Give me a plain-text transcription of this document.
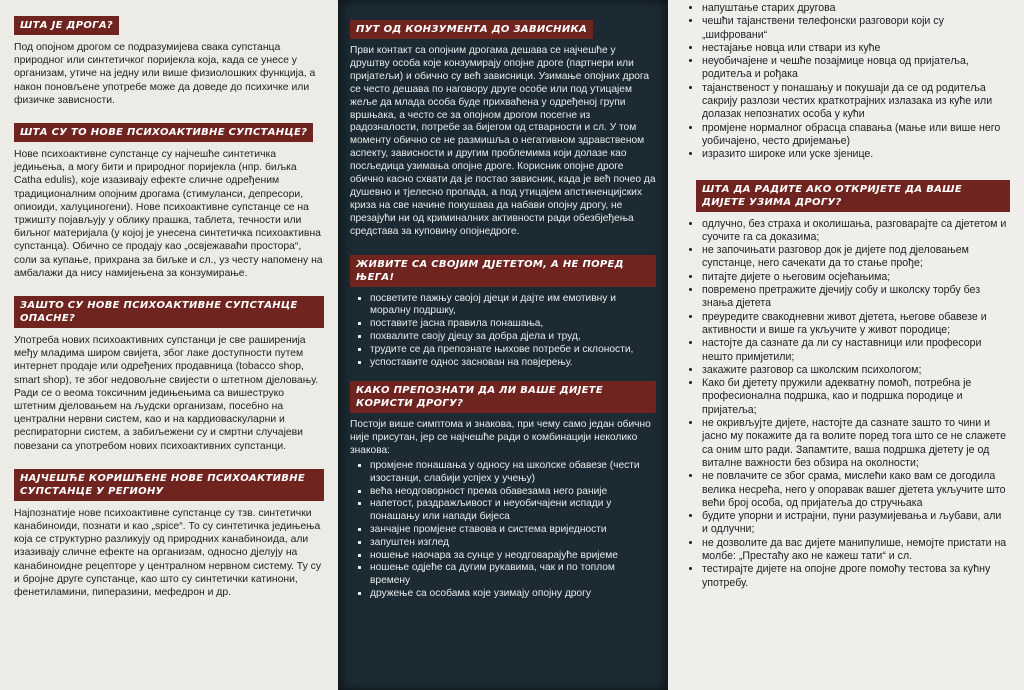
ШТА ЈЕ ДРОГА?

Под опојном дрогом се подразумијева свака супстанца природног или синтетичког поријекла која, када се унесе у организам, утиче на једну или више физиолошких функција, а након поновљене употребе може да доведе до психичке или физичке зависности.

ШТА СУ ТО НОВЕ ПСИХОАКТИВНЕ СУПСТАНЦЕ?

Нове психоактивне супстанце су најчешће синтетичка једињења, а могу бити и природног поријекла (нпр. биљка Catha edulis), које изазивају ефекте сличне одређеним традиционалним опојним дрогама (стимуланси, депресори, опиоиди, халуциногени). Нове психоактивне супстанце се на тржишту појављују у облику прашка, таблета, течности или биљног материјала (у којој је унесена синтетичка психоактивна супстанца). Обично се продају као „освјежаваћи простора“, соли за купање, прихрана за биљке и сл., уз честу напомену на амбалажи да нису намијењена за конзумирање.

ЗАШТО СУ НОВЕ ПСИХОАКТИВНЕ СУПСТАНЦЕ ОПАСНЕ?

Употреба нових психоактивних супстанци је све раширенија међу младима широм свијета, због лаке доступности путем интернет продаје или одређених продавница (tobacco shop, smart shop), те због недовољне свијести о штетном дјеловању. Ради се о веома токсичним једињењима са вишеструко штетним дјеловањем на људски организам, посебно на централни нервни систем, као и на кардиоваскуларни и респираторни систем, а забиљежени су и смртни случајеви повезани са употребом нових психоактивних супстанци.

НАЈЧЕШЋЕ КОРИШЋЕНЕ НОВЕ ПСИХОАКТИВНЕ СУПСТАНЦЕ У РЕГИОНУ

Најпознатије нове психоактивне супстанце су тзв. синтетички канабиноиди, познати и као „spice“. То су синтетичка једињења која се структурно разликују од природних канабиноида, али изазивају сличне ефекте на организам, односно дјелују на канабиноидне рецепторе у централном нервном систему. Ту су и бројне друге супстанце, као што су синтетички катинони, фенетиламини, пиперазини, мефедрон и др.

ПУТ ОД КОНЗУМЕНТА ДО ЗАВИСНИКА

Први контакт са опојним дрогама дешава се најчешће у друштву особа које конзумирају опојне дроге (партнери или пријатељи) и обично су већ зависници. Узимање опојних дрога се често дешава по наговору друге особе или под утицајем жеље да млада особа буде прихваћена у одређеној групи вршњака, а често се за опојном дрогом посегне из радозналости, потребе за бијегом од стварности и сл. У том моменту обично се не размишља о негативном здравственом аспекту, зависности и другим проблемима који долазе као посљедица узимања опојне дроге. Корисник опојне дроге обично касно схвати да је постао зависник, када је већ почео да душевно и тјелесно пропада, а под утицајем апстиненцијских криза на све начине покушава да набави опојну дрогу, не презајући ни од криминалних активности ради обезбјеђења средстава за куповину опојнедроге.

ЖИВИТЕ СА СВОЈИМ ДЈЕТЕТОМ, А НЕ ПОРЕД ЊЕГА!
▪ посветите пажњу својој дјеци и дајте им емотивну и моралну подршку,
▪ поставите јасна правила понашања,
▪ похвалите своју дјецу за добра дјела и труд,
▪ трудите се да препознате њихове потребе и склоности,
▪ успоставите однос заснован на повјерењу.
КАКО ПРЕПОЗНАТИ ДА ЛИ ВАШЕ ДИЈЕТЕ КОРИСТИ ДРОГУ?

Постоји више симптома и знакова, при чему само један обично није присутан, јер се најчешће ради о комбинацији неколико знакова:

▪ промјене понашања у односу на школске обавезе (чести изостанци, слабији успјех у учењу)
▪ већа неодговорност према обавезама него раније
▪ напетост, раздражљивост и неуобичајени испади у понашању или напади бијеса
▪ занчајне промјене ставова и система вриједности
▪ запуштен изглед
▪ ношење наочара за сунце у неодговарајуће вријеме
▪ ношење одјеће са дугим рукавима, чак и по топлом времену
▪ дружење са особама које узимају опојну дрогу
• напуштање старих другова
• чешћи тајанствени телефонски разговори који су „шифровани“
• нестајање новца или ствари из куће
• неуобичајене и чешће позајмице новца од пријатеља, родитеља и рођака
• тајанственост у понашању и покушаји да се од родитеља сакрију разлози честих краткотрајних излазака из куће или долазак непознатих особа у кући
• промјене нормалног обрасца спавања (мање или више него уобичајено, често дријемање)
• изразито широке или уске зјенице.
ШТА ДА РАДИТЕ АКО ОТКРИЈЕТЕ ДА ВАШЕ ДИЈЕТЕ УЗИМА ДРОГУ?
• одлучно, без страха и околишања, разговарајте са дјететом и суочите га са доказима;
• не започињати разговор док је дијете под дјеловањем супстанце, него сачекати да то стање прође;
• питајте дијете о његовим осјећањима;
• повремено претражите дјечију собу и школску торбу без знања дјетета
• преуредите свакодневни живот дјетета, његове обавезе и активности и више га укључите у живот породице;
• настојте да сазнате да ли су наставници или професори нешто примјетили;
• закажите разговор са школским психологом;
• Како би дјетету пружили адекватну помоћ, потребна је професионална подршка, као и подршка породице и пријатеља;
• не окривљујте дијете, настојте да сазнате зашто то чини и јасно му покажите да га волите поред тога што се не слажете са оним што ради. Запамтите, ваша подршка дјетету је од виталне важности без обзира на околности;
• не повлачите се због срама, мислећи како вам се догодила велика несрећа, него у опоравак вашег дјетета укључите што већи број особа, од пријатеља до стручњака
• будите упорни и истрајни, пуни разумијевања и љубави, али и одлучни;
• не дозволите да вас дијете манипулише, немојте пристати на молбе: „Престаћу ако не кажеш тати“ и сл.
• тестирајте дијете на опојне дроге помоћу тестова за кућну употребу.
